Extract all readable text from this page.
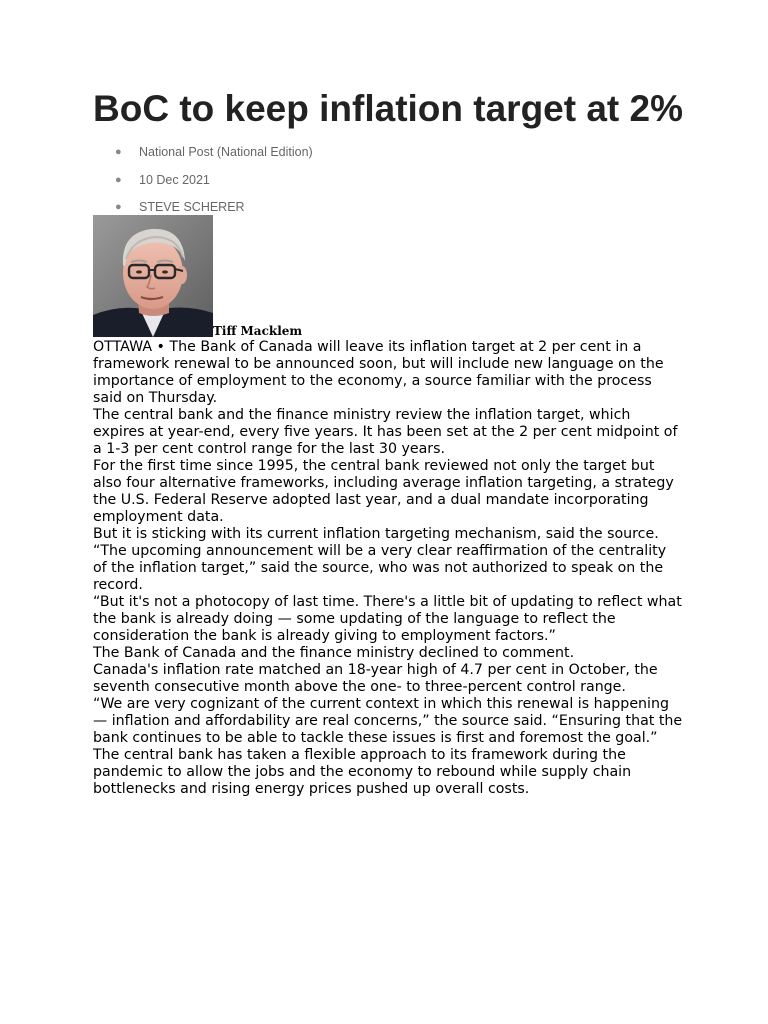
BoC to keep inflation target at 2%
● National Post (National Edition)
● 10 Dec 2021
● STEVE SCHERER
Tiff Macklem

OTTAWA • The Bank of Canada will leave its inflation target at 2 per cent in a framework renewal to be announced soon, but will include new language on the importance of employment to the economy, a source familiar with the process said on Thursday.

The central bank and the finance ministry review the inflation target, which expires at year-end, every five years. It has been set at the 2 per cent midpoint of a 1-3 per cent control range for the last 30 years.

For the first time since 1995, the central bank reviewed not only the target but also four alternative frameworks, including average inflation targeting, a strategy the U.S. Federal Reserve adopted last year, and a dual mandate incorporating employment data.

But it is sticking with its current inflation targeting mechanism, said the source.

“The upcoming announcement will be a very clear reaffirmation of the centrality of the inflation target,” said the source, who was not authorized to speak on the record.

“But it's not a photocopy of last time. There's a little bit of updating to reflect what the bank is already doing — some updating of the language to reflect the consideration the bank is already giving to employment factors.”

The Bank of Canada and the finance ministry declined to comment.

Canada's inflation rate matched an 18-year high of 4.7 per cent in October, the seventh consecutive month above the one- to three-percent control range.

“We are very cognizant of the current context in which this renewal is happening — inflation and affordability are real concerns,” the source said. “Ensuring that the bank continues to be able to tackle these issues is first and foremost the goal.”

The central bank has taken a flexible approach to its framework during the pandemic to allow the jobs and the economy to rebound while supply chain bottlenecks and rising energy prices pushed up overall costs.
